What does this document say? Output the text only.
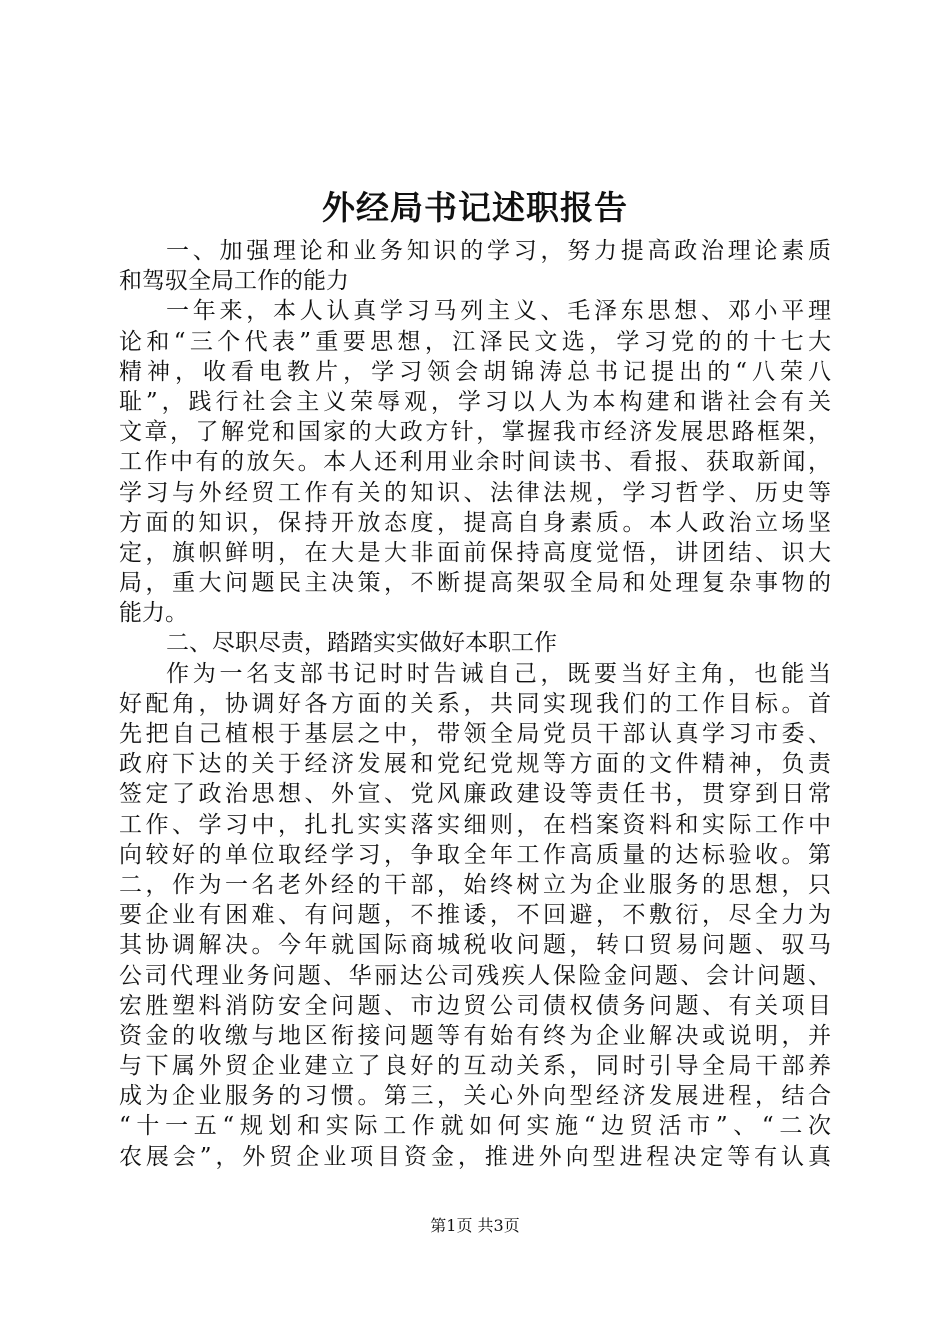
外经局书记述职报告
一、加强理论和业务知识的学习，努力提高政治理论素质
和驾驭全局工作的能力
一年来，本人认真学习马列主义、毛泽东思想、邓小平理
论和“三个代表”重要思想，江泽民文选，学习党的的十七大
精神，收看电教片，学习领会胡锦涛总书记提出的“八荣八
耻”，践行社会主义荣辱观，学习以人为本构建和谐社会有关
文章，了解党和国家的大政方针，掌握我市经济发展思路框架，
工作中有的放矢。本人还利用业余时间读书、看报、获取新闻，
学习与外经贸工作有关的知识、法律法规，学习哲学、历史等
方面的知识，保持开放态度，提高自身素质。本人政治立场坚
定，旗帜鲜明，在大是大非面前保持高度觉悟，讲团结、识大
局，重大问题民主决策，不断提高架驭全局和处理复杂事物的
能力。
二、尽职尽责，踏踏实实做好本职工作
作为一名支部书记时时告诫自己，既要当好主角，也能当
好配角，协调好各方面的关系，共同实现我们的工作目标。首
先把自己植根于基层之中，带领全局党员干部认真学习市委、
政府下达的关于经济发展和党纪党规等方面的文件精神，负责
签定了政治思想、外宣、党风廉政建设等责任书，贯穿到日常
工作、学习中，扎扎实实落实细则，在档案资料和实际工作中
向较好的单位取经学习，争取全年工作高质量的达标验收。第
二，作为一名老外经的干部，始终树立为企业服务的思想，只
要企业有困难、有问题，不推诿，不回避，不敷衍，尽全力为
其协调解决。今年就国际商城税收问题，转口贸易问题、驭马
公司代理业务问题、华丽达公司残疾人保险金问题、会计问题、
宏胜塑料消防安全问题、市边贸公司债权债务问题、有关项目
资金的收缴与地区衔接问题等有始有终为企业解决或说明，并
与下属外贸企业建立了良好的互动关系，同时引导全局干部养
成为企业服务的习惯。第三，关心外向型经济发展进程，结合
“十一五“规划和实际工作就如何实施“边贸活市”、“二次
农展会”，外贸企业项目资金，推进外向型进程决定等有认真
第1页 共3页
